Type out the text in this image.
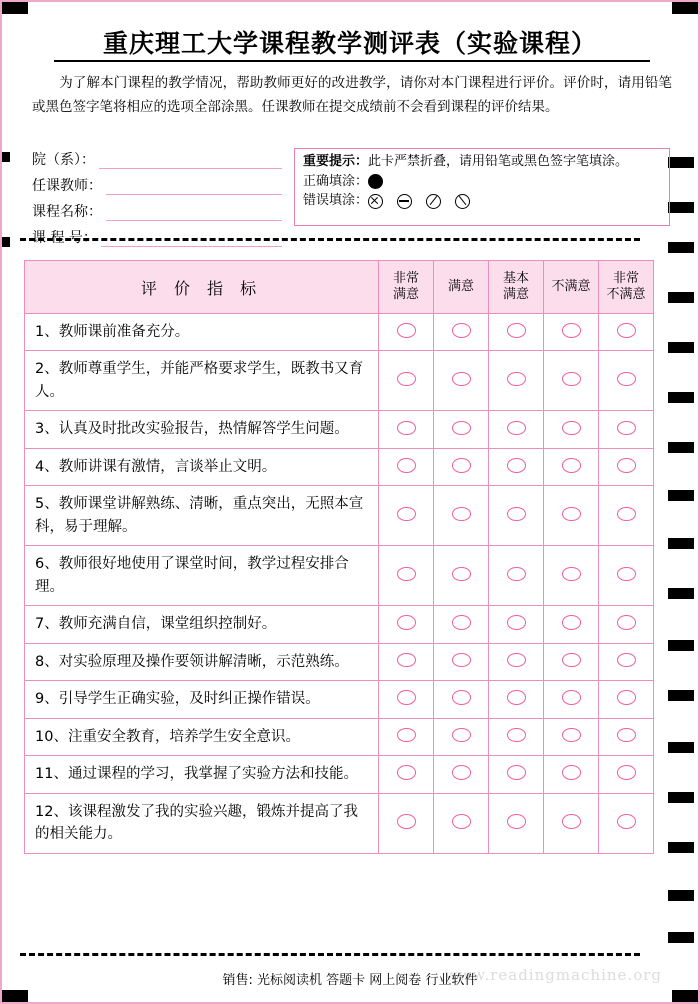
重庆理工大学课程教学测评表（实验课程）

　　为了解本门课程的教学情况，帮助教师更好的改进教学，请你对本门课程进行评价。评价时，请用铅笔或黑色签字笔将相应的选项全部涂黑。任课教师在提交成绩前不会看到课程的评价结果。

院（系）：
任课教师：
课程名称：
课 程 号：
重要提示： 此卡严禁折叠，请用铅笔或黑色签字笔填涂。
正确填涂：
错误填涂：
评 价 指 标	
非常
满意

满意

基本
满意

不满意

非常
不满意

1、教师课前准备充分。					
2、教师尊重学生，并能严格要求学生，既教书又育人。					
3、认真及时批改实验报告，热情解答学生问题。					
4、教师讲课有激情，言谈举止文明。					
5、教师课堂讲解熟练、清晰，重点突出，无照本宣科，易于理解。					
6、教师很好地使用了课堂时间，教学过程安排合理。					
7、教师充满自信，课堂组织控制好。					
8、对实验原理及操作要领讲解清晰，示范熟练。					
9、引导学生正确实验，及时纠正操作错误。					
10、注重安全教育，培养学生安全意识。					
11、通过课程的学习，我掌握了实验方法和技能。					
12、该课程激发了我的实验兴趣，锻炼并提高了我的相关能力。					
www.readingmachine.org
销售: 光标阅读机 答题卡 网上阅卷 行业软件
